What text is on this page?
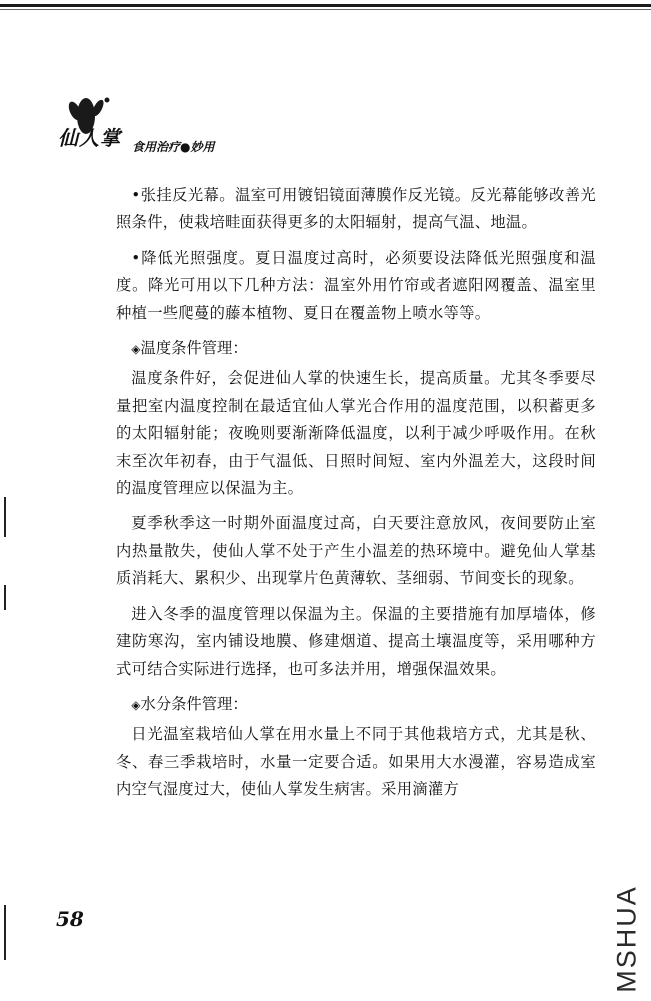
仙人掌 食用治疗●妙用

•张挂反光幕。温室可用镀铝镜面薄膜作反光镜。反光幕能够改善光照条件，使栽培畦面获得更多的太阳辐射，提高气温、地温。

•降低光照强度。夏日温度过高时，必须要设法降低光照强度和温度。降光可用以下几种方法：温室外用竹帘或者遮阳网覆盖、温室里种植一些爬蔓的藤本植物、夏日在覆盖物上喷水等等。

◈温度条件管理：

温度条件好，会促进仙人掌的快速生长，提高质量。尤其冬季要尽量把室内温度控制在最适宜仙人掌光合作用的温度范围，以积蓄更多的太阳辐射能；夜晚则要渐渐降低温度，以利于减少呼吸作用。在秋末至次年初春，由于气温低、日照时间短、室内外温差大，这段时间的温度管理应以保温为主。

夏季秋季这一时期外面温度过高，白天要注意放风，夜间要防止室内热量散失，使仙人掌不处于产生小温差的热环境中。避免仙人掌基质消耗大、累积少、出现掌片色黄薄软、茎细弱、节间变长的现象。

进入冬季的温度管理以保温为主。保温的主要措施有加厚墙体，修建防寒沟，室内铺设地膜、修建烟道、提高土壤温度等，采用哪种方式可结合实际进行选择，也可多法并用，增强保温效果。

◈水分条件管理：

日光温室栽培仙人掌在用水量上不同于其他栽培方式，尤其是秋、冬、春三季栽培时，水量一定要合适。如果用大水漫灌，容易造成室内空气湿度过大，使仙人掌发生病害。采用滴灌方

58	MSHUA
